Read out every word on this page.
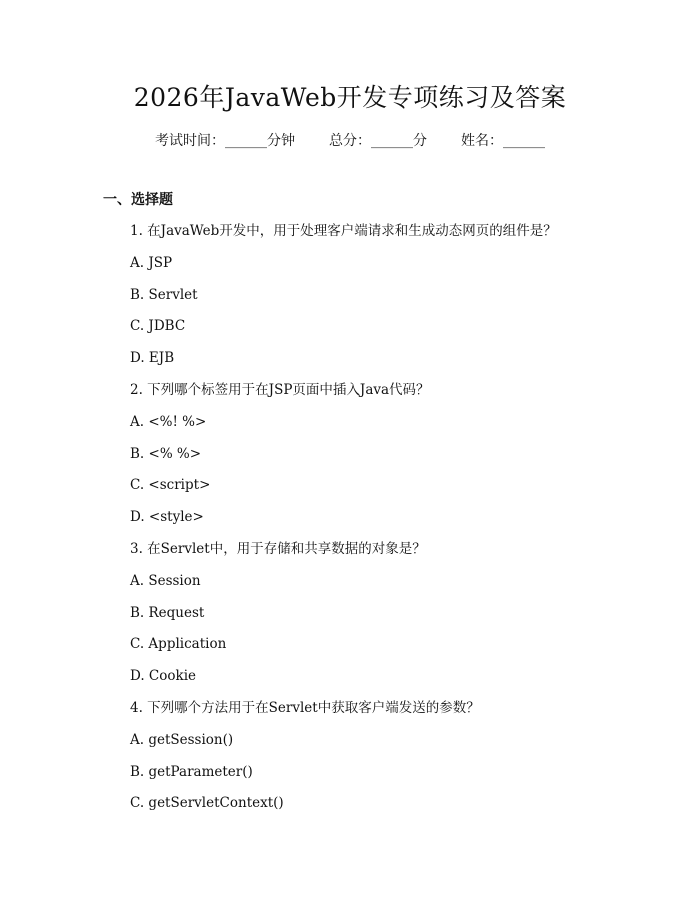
2026年JavaWeb开发专项练习及答案
考试时间：______分钟 总分：______分 姓名：______
一、选择题
1. 在JavaWeb开发中，用于处理客户端请求和生成动态网页的组件是？
A. JSP
B. Servlet
C. JDBC
D. EJB
2. 下列哪个标签用于在JSP页面中插入Java代码？
A. <%! %>
B. <% %>
C. <script>
D. <style>
3. 在Servlet中，用于存储和共享数据的对象是？
A. Session
B. Request
C. Application
D. Cookie
4. 下列哪个方法用于在Servlet中获取客户端发送的参数？
A. getSession()
B. getParameter()
C. getServletContext()
